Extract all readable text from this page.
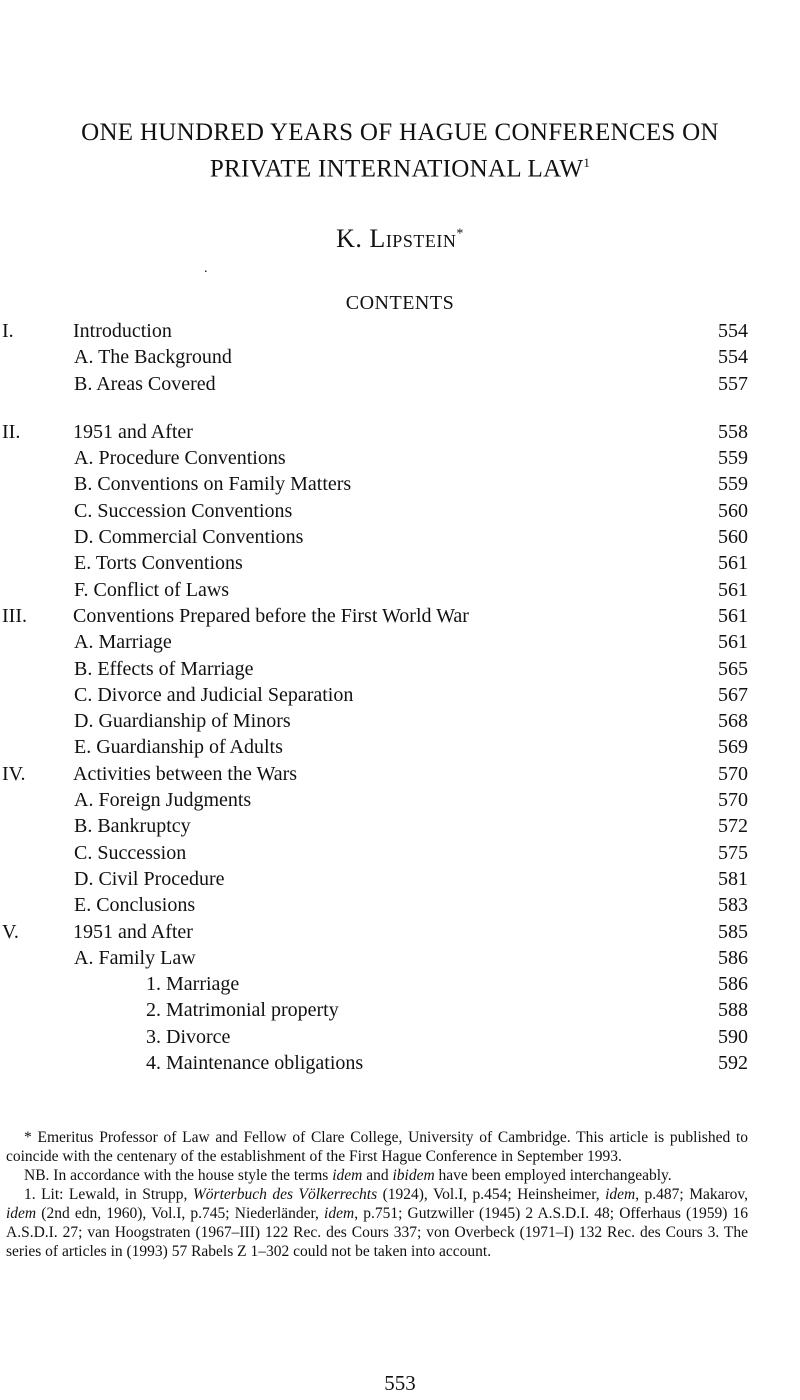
ONE HUNDRED YEARS OF HAGUE CONFERENCES ON
PRIVATE INTERNATIONAL LAW$^1$
K. Lipstein*
.
CONTENTS
I.	Introduction	554
A. The Background	554
B. Areas Covered	557
II.	1951 and After	558
A. Procedure Conventions	559
B. Conventions on Family Matters	559
C. Succession Conventions	560
D. Commercial Conventions	560
E. Torts Conventions	561
F. Conflict of Laws	561
III. Conventions Prepared before the First World War	561
A. Marriage	561
B. Effects of Marriage	565
C. Divorce and Judicial Separation	567
D. Guardianship of Minors	568
E. Guardianship of Adults	569
IV. Activities between the Wars	570
A. Foreign Judgments	570
B. Bankruptcy	572
C. Succession	575
D. Civil Procedure	581
E. Conclusions	583
V.	1951 and After	585
A. Family Law	586
1. Marriage	586
2. Matrimonial property	588
3. Divorce	590
4. Maintenance obligations	592

* Emeritus Professor of Law and Fellow of Clare College, University of Cambridge. This article is published to coincide with the centenary of the establishment of the First Hague Conference in September 1993.

NB. In accordance with the house style the terms idem and ibidem have been employed interchangeably.

1. Lit: Lewald, in Strupp, Wörterbuch des Völkerrechts (1924), Vol.I, p.454; Heinsheimer, idem, p.487; Makarov, idem (2nd edn, 1960), Vol.I, p.745; Niederländer, idem, p.751; Gutzwiller (1945) 2 A.S.D.I. 48; Offerhaus (1959) 16 A.S.D.I. 27; van Hoogstraten (1967–III) 122 Rec. des Cours 337; von Overbeck (1971–I) 132 Rec. des Cours 3. The series of articles in (1993) 57 Rabels Z 1–302 could not be taken into account.

553
